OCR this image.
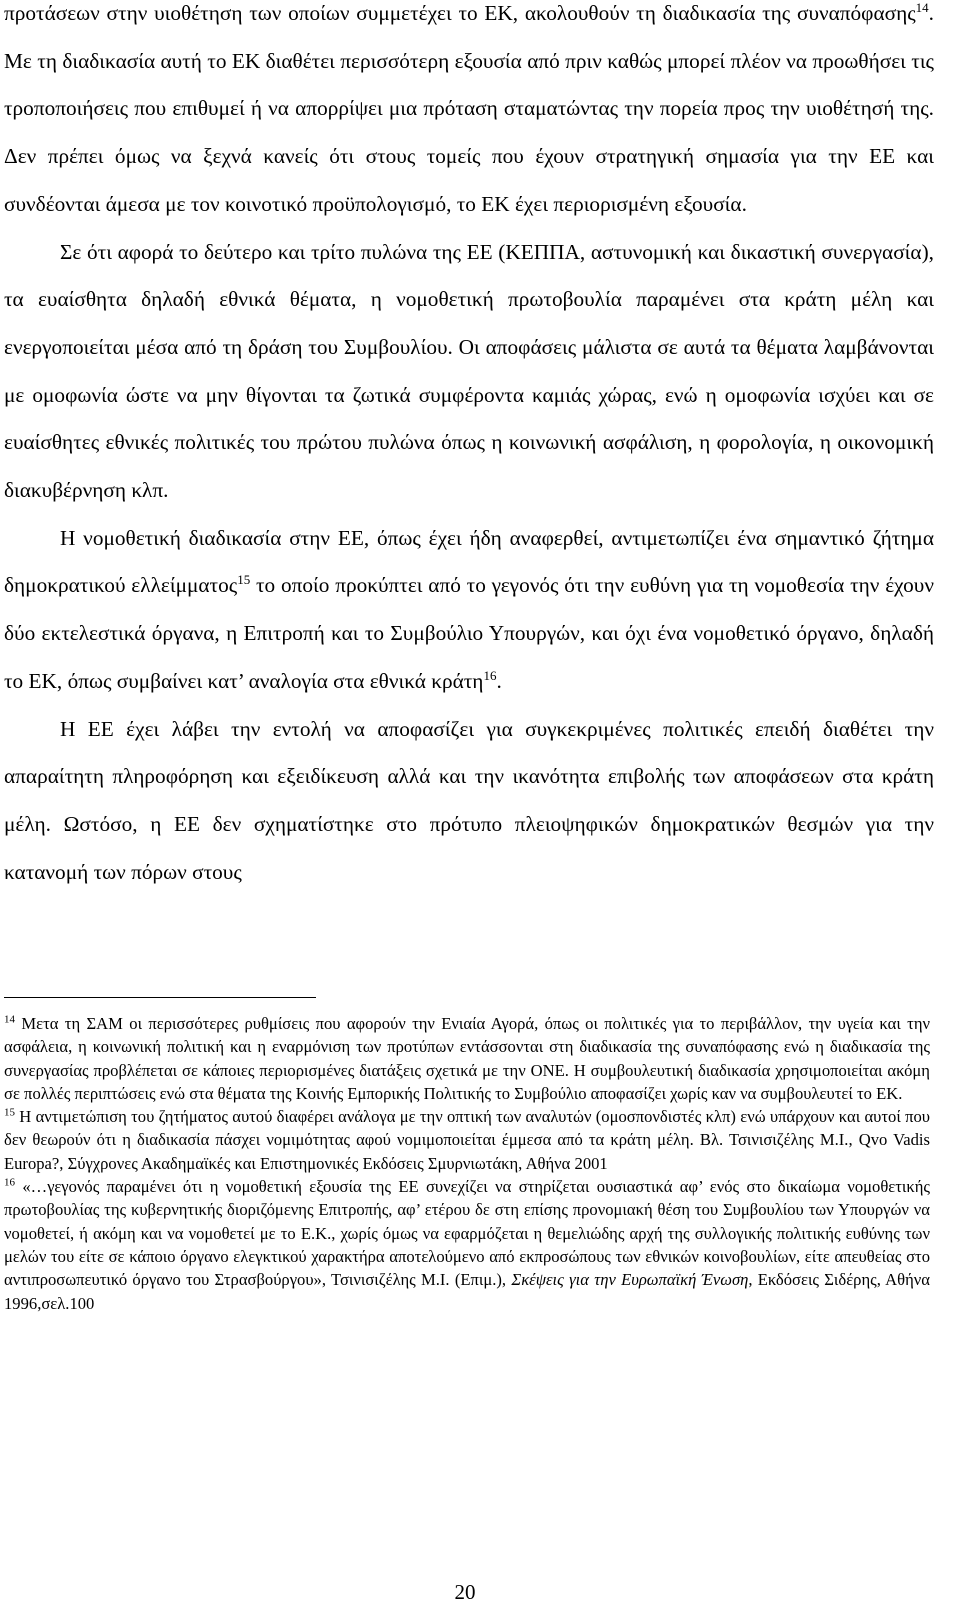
προτάσεων στην υιοθέτηση των οποίων συμμετέχει το ΕΚ, ακολουθούν τη διαδικασία της συναπόφασης$^{14}$. Με τη διαδικασία αυτή το ΕΚ διαθέτει περισσότερη εξουσία από πριν καθώς μπορεί πλέον να προωθήσει τις τροποποιήσεις που επιθυμεί ή να απορρίψει μια πρόταση σταματώντας την πορεία προς την υιοθέτησή της. Δεν πρέπει όμως να ξεχνά κανείς ότι στους τομείς που έχουν στρατηγική σημασία για την ΕΕ και συνδέονται άμεσα με τον κοινοτικό προϋπολογισμό, το ΕΚ έχει περιορισμένη εξουσία.

Σε ότι αφορά το δεύτερο και τρίτο πυλώνα της ΕΕ (ΚΕΠΠΑ, αστυνομική και δικαστική συνεργασία), τα ευαίσθητα δηλαδή εθνικά θέματα, η νομοθετική πρωτοβουλία παραμένει στα κράτη μέλη και ενεργοποιείται μέσα από τη δράση του Συμβουλίου. Οι αποφάσεις μάλιστα σε αυτά τα θέματα λαμβάνονται με ομοφωνία ώστε να μην θίγονται τα ζωτικά συμφέροντα καμιάς χώρας, ενώ η ομοφωνία ισχύει και σε ευαίσθητες εθνικές πολιτικές του πρώτου πυλώνα όπως η κοινωνική ασφάλιση, η φορολογία, η οικονομική διακυβέρνηση κλπ.

Η νομοθετική διαδικασία στην ΕΕ, όπως έχει ήδη αναφερθεί, αντιμετωπίζει ένα σημαντικό ζήτημα δημοκρατικού ελλείμματος$^{15}$ το οποίο προκύπτει από το γεγονός ότι την ευθύνη για τη νομοθεσία την έχουν δύο εκτελεστικά όργανα, η Επιτροπή και το Συμβούλιο Υπουργών, και όχι ένα νομοθετικό όργανο, δηλαδή το ΕΚ, όπως συμβαίνει κατ’ αναλογία στα εθνικά κράτη$^{16}$.

Η ΕΕ έχει λάβει την εντολή να αποφασίζει για συγκεκριμένες πολιτικές επειδή διαθέτει την απαραίτητη πληροφόρηση και εξειδίκευση αλλά και την ικανότητα επιβολής των αποφάσεων στα κράτη μέλη. Ωστόσο, η ΕΕ δεν σχηματίστηκε στο πρότυπο πλειοψηφικών δημοκρατικών θεσμών για την κατανομή των πόρων στους

$^{14}$ Μετα τη ΣΑΜ οι περισσότερες ρυθμίσεις που αφορούν την Ενιαία Αγορά, όπως οι πολιτικές για το περιβάλλον, την υγεία και την ασφάλεια, η κοινωνική πολιτική και η εναρμόνιση των προτύπων εντάσσονται στη διαδικασία της συναπόφασης ενώ η διαδικασία της συνεργασίας προβλέπεται σε κάποιες περιορισμένες διατάξεις σχετικά με την ΟΝΕ. Η συμβουλευτική διαδικασία χρησιμοποιείται ακόμη σε πολλές περιπτώσεις ενώ στα θέματα της Κοινής Εμπορικής Πολιτικής το Συμβούλιο αποφασίζει χωρίς καν να συμβουλευτεί το ΕΚ.

$^{15}$ Η αντιμετώπιση του ζητήματος αυτού διαφέρει ανάλογα με την οπτική των αναλυτών (ομοσπονδιστές κλπ) ενώ υπάρχουν και αυτοί που δεν θεωρούν ότι η διαδικασία πάσχει νομιμότητας αφού νομιμοποιείται έμμεσα από τα κράτη μέλη. Βλ. Τσινισιζέλης Μ.Ι., Qvo Vadis Europa?, Σύγχρονες Ακαδημαϊκές και Επιστημονικές Εκδόσεις Σμυρνιωτάκη, Αθήνα 2001

$^{16}$ «…γεγονός παραμένει ότι η νομοθετική εξουσία της ΕΕ συνεχίζει να στηρίζεται ουσιαστικά αφ’ ενός στο δικαίωμα νομοθετικής πρωτοβουλίας της κυβερνητικής διοριζόμενης Επιτροπής, αφ’ ετέρου δε στη επίσης προνομιακή θέση του Συμβουλίου των Υπουργών να νομοθετεί, ή ακόμη και να νομοθετεί με το Ε.Κ., χωρίς όμως να εφαρμόζεται η θεμελιώδης αρχή της συλλογικής πολιτικής ευθύνης των μελών του είτε σε κάποιο όργανο ελεγκτικού χαρακτήρα αποτελούμενο από εκπροσώπους των εθνικών κοινοβουλίων, είτε απευθείας στο αντιπροσωπευτικό όργανο του Στρασβούργου», Τσινισιζέλης Μ.Ι. (Επιμ.), Σκέψεις για την Ευρωπαϊκή Ένωση, Εκδόσεις Σιδέρης, Αθήνα 1996,σελ.100

20
